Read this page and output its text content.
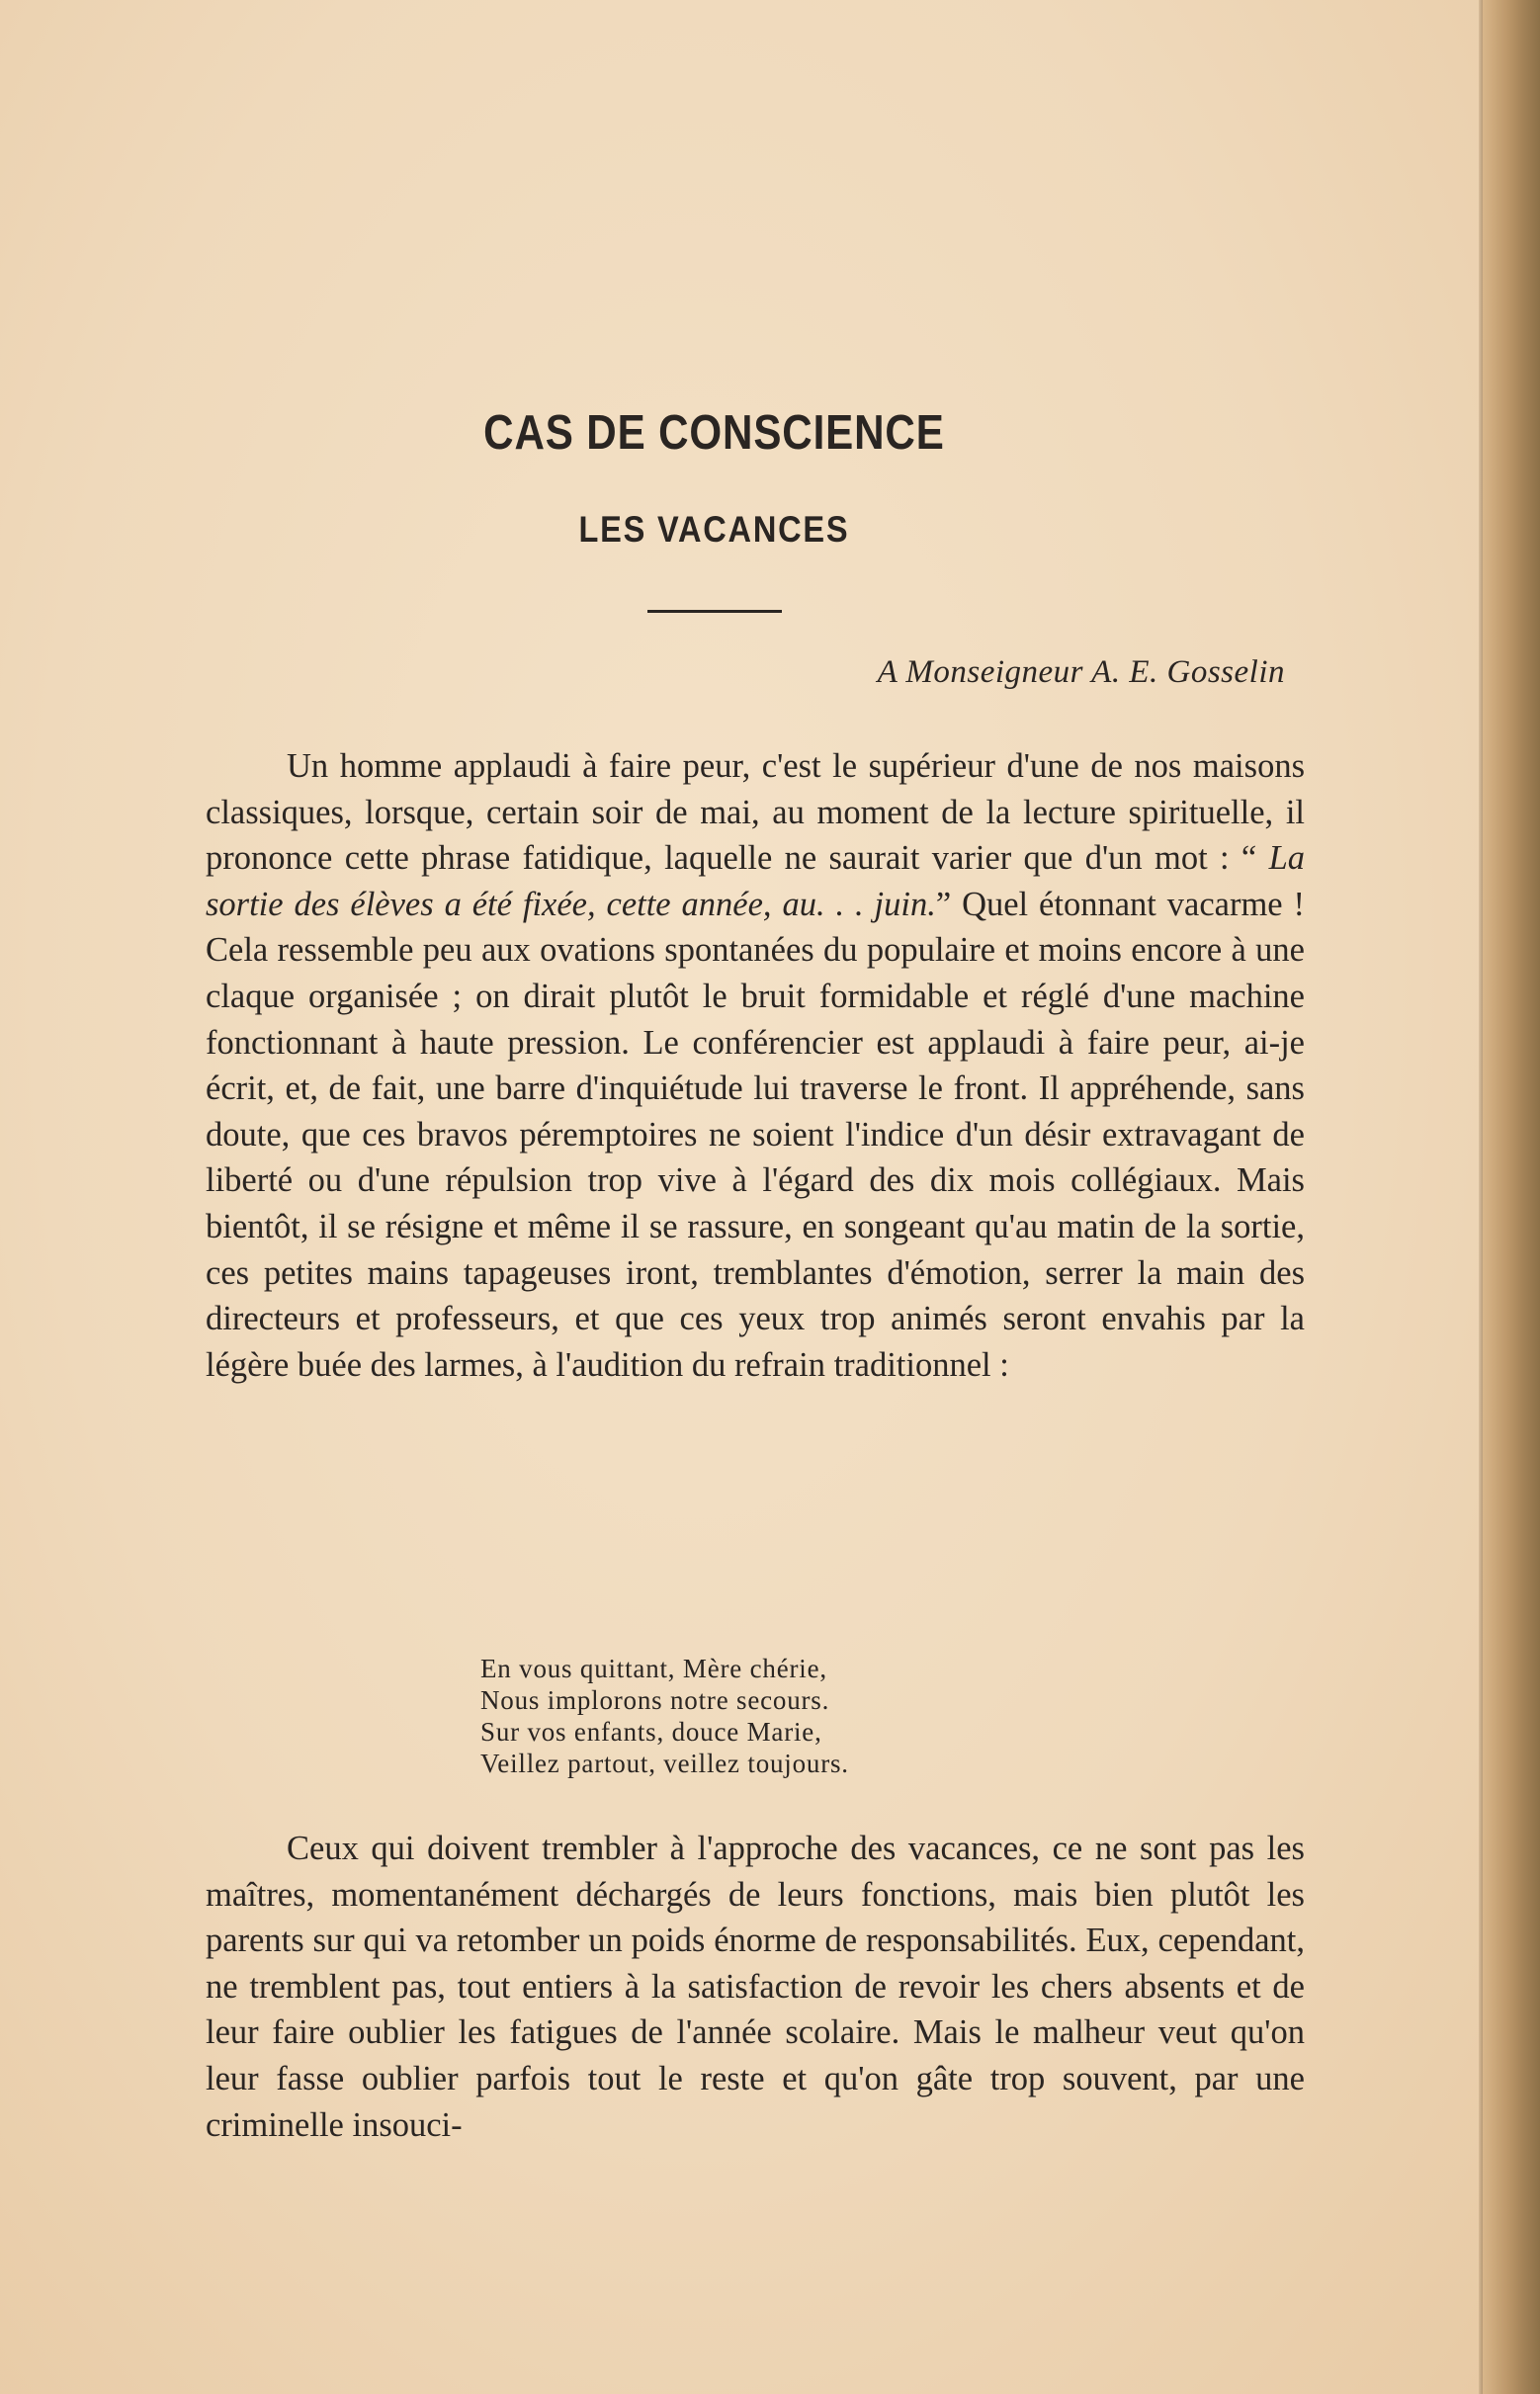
CAS DE CONSCIENCE
LES VACANCES
A Monseigneur A. E. Gosselin

Un homme applaudi à faire peur, c'est le supérieur d'une de nos maisons classiques, lorsque, certain soir de mai, au moment de la lecture spirituelle, il prononce cette phrase fatidique, laquelle ne saurait varier que d'un mot : “ La sortie des élèves a été fixée, cette année, au. . . juin.” Quel étonnant vacarme ! Cela ressemble peu aux ovations spontanées du populaire et moins encore à une claque organisée ; on dirait plutôt le bruit formidable et réglé d'une machine fonctionnant à haute pression. Le conférencier est applaudi à faire peur, ai-je écrit, et, de fait, une barre d'inquiétude lui traverse le front. Il appréhende, sans doute, que ces bravos péremptoires ne soient l'indice d'un désir extravagant de liberté ou d'une répulsion trop vive à l'égard des dix mois collégiaux. Mais bientôt, il se résigne et même il se rassure, en songeant qu'au matin de la sortie, ces petites mains tapageuses iront, tremblantes d'émotion, serrer la main des directeurs et professeurs, et que ces yeux trop animés seront envahis par la légère buée des larmes, à l'audition du refrain traditionnel :

En vous quittant, Mère chérie,
Nous implorons notre secours.
Sur vos enfants, douce Marie,
Veillez partout, veillez toujours.

Ceux qui doivent trembler à l'approche des vacances, ce ne sont pas les maîtres, momentanément déchargés de leurs fonctions, mais bien plutôt les parents sur qui va retomber un poids énorme de responsabilités. Eux, cependant, ne tremblent pas, tout entiers à la satisfaction de revoir les chers absents et de leur faire oublier les fatigues de l'année scolaire. Mais le malheur veut qu'on leur fasse oublier parfois tout le reste et qu'on gâte trop souvent, par une criminelle insouci-
